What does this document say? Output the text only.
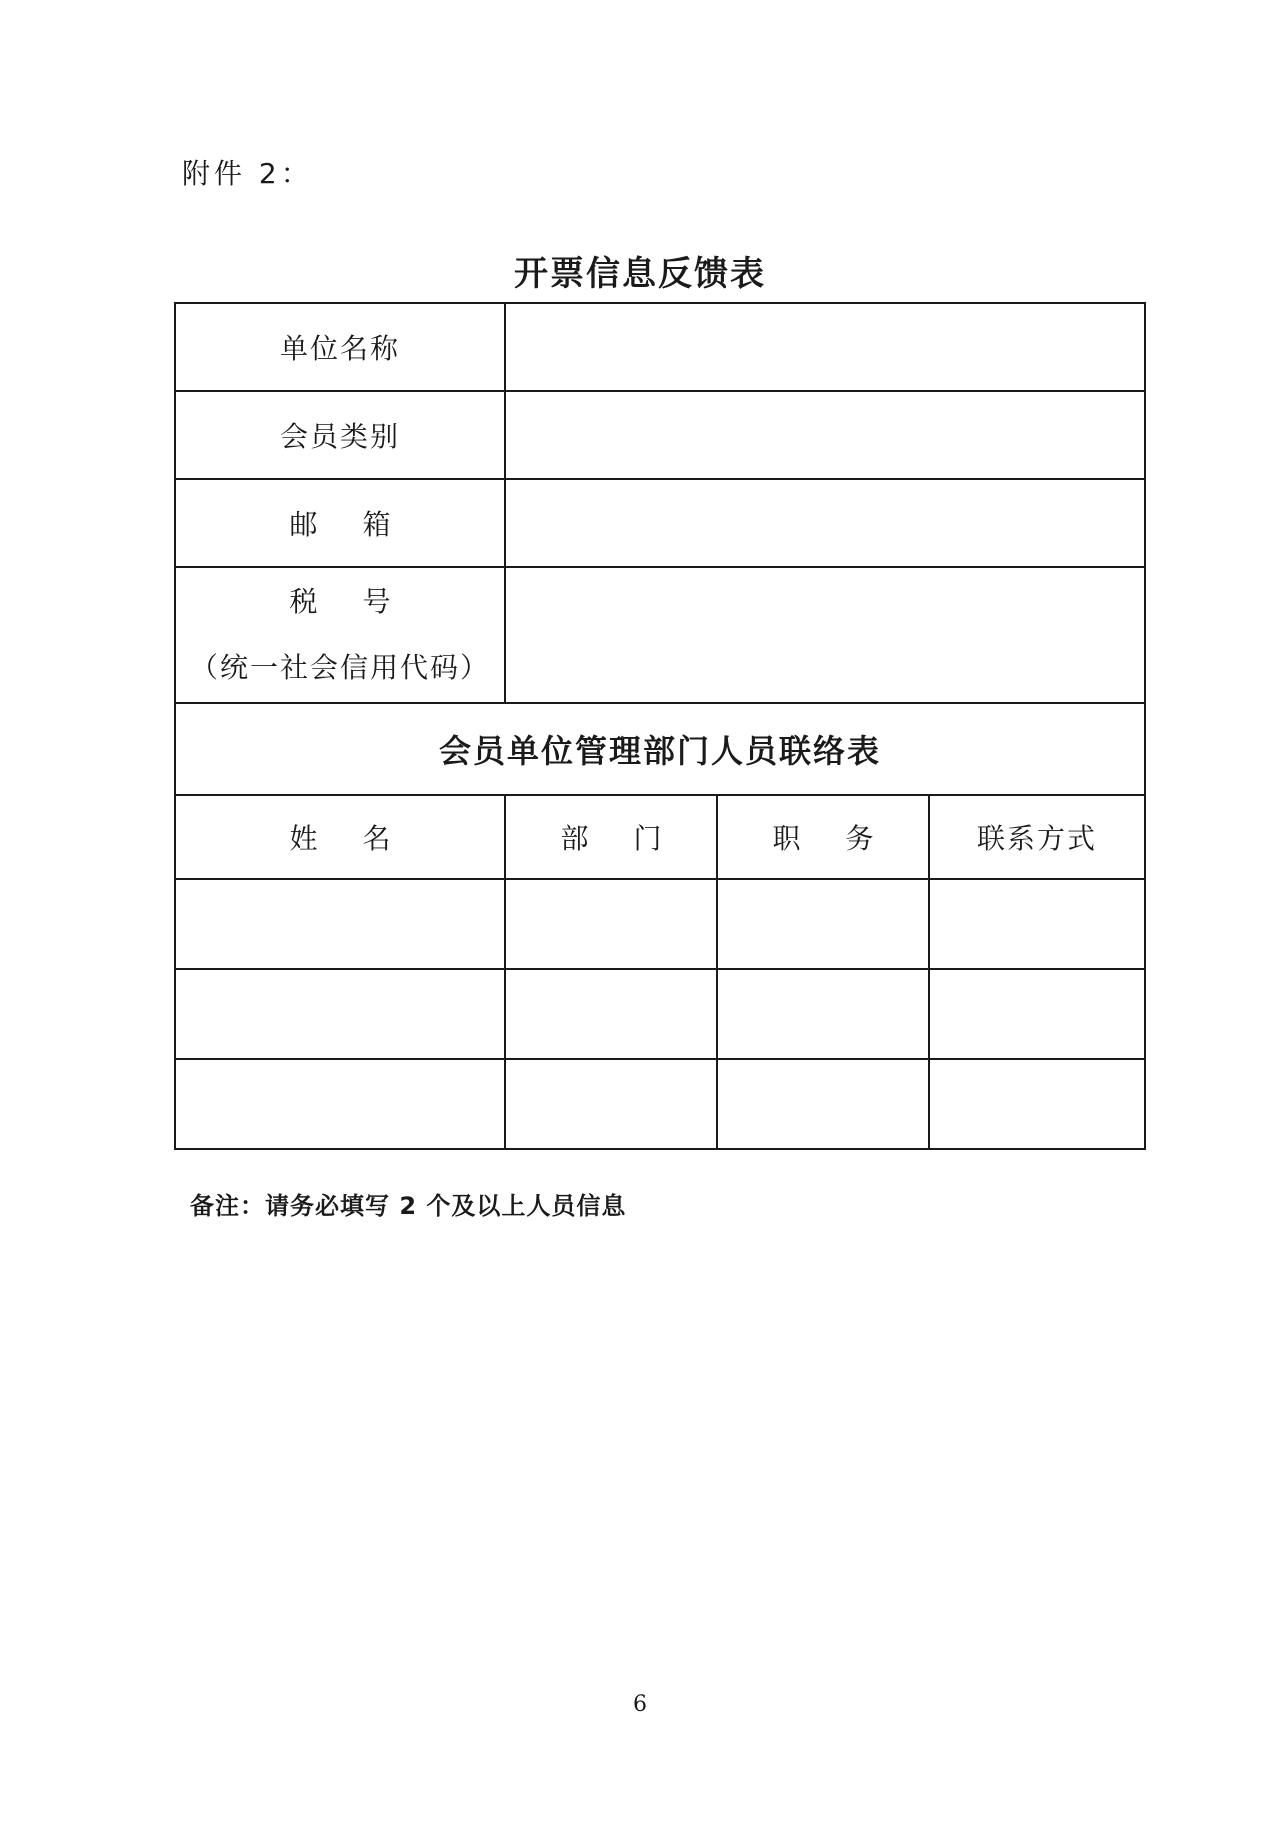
附件 2：
开票信息反馈表
单位名称			
会员类别			
邮 箱			

税 号
（统一社会信用代码）			

会员单位管理部门人员联络表			
姓 名	部 门	职 务	联系方式

备注：请务必填写 2 个及以上人员信息
6
